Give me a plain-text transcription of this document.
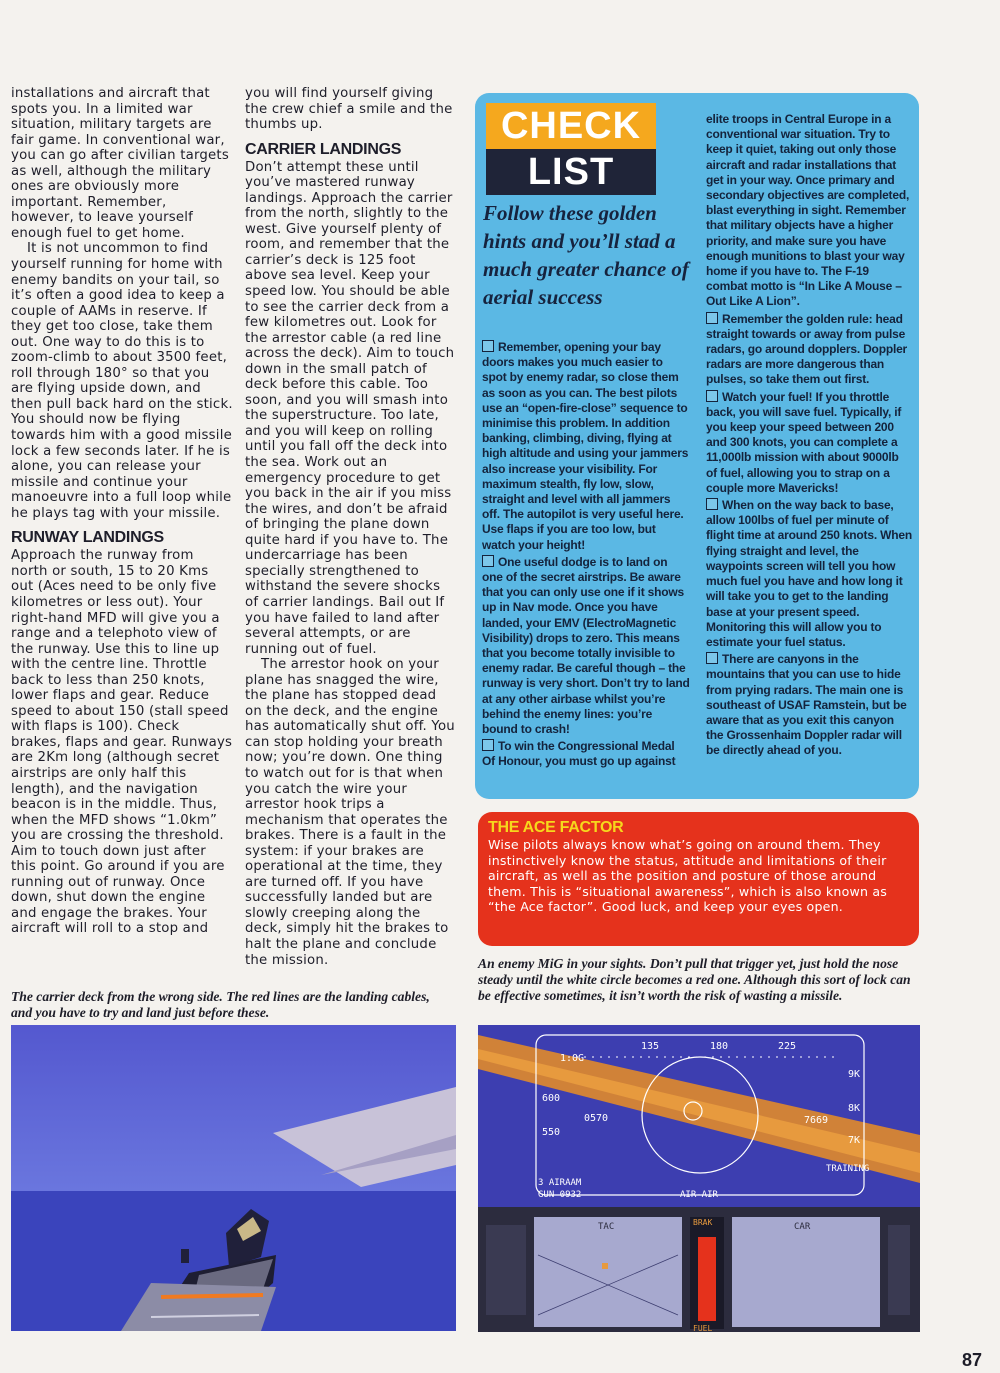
installations and aircraft that spots you. In a limited war situation, military targets are fair game. In conventional war, you can go after civilian targets as well, although the military ones are obviously more important. Remember, however, to leave yourself enough fuel to get home.

It is not uncommon to find yourself running for home with enemy bandits on your tail, so it’s often a good idea to keep a couple of AAMs in reserve. If they get too close, take them out. One way to do this is to zoom-climb to about 3500 feet, roll through 180° so that you are flying upside down, and then pull back hard on the stick. You should now be flying towards him with a good missile lock a few seconds later. If he is alone, you can release your missile and continue your manoeuvre into a full loop while he plays tag with your missile.

RUNWAY LANDINGS

Approach the runway from north or south, 15 to 20 Kms out (Aces need to be only five kilometres or less out). Your right-hand MFD will give you a range and a telephoto view of the runway. Use this to line up with the centre line. Throttle back to less than 250 knots, lower flaps and gear. Reduce speed to about 150 (stall speed with flaps is 100). Check brakes, flaps and gear. Runways are 2Km long (although secret airstrips are only half this length), and the navigation beacon is in the middle. Thus, when the MFD shows “1.0km” you are crossing the threshold. Aim to touch down just after this point. Go around if you are running out of runway. Once down, shut down the engine and engage the brakes. Your aircraft will roll to a stop and

you will find yourself giving the crew chief a smile and the thumbs up.

CARRIER LANDINGS

Don’t attempt these until you’ve mastered runway landings. Approach the carrier from the north, slightly to the west. Give yourself plenty of room, and remember that the carrier’s deck is 125 foot above sea level. Keep your speed low. You should be able to see the carrier deck from a few kilometres out. Look for the arrestor cable (a red line across the deck). Aim to touch down in the small patch of deck before this cable. Too soon, and you will smash into the superstructure. Too late, and you will keep on rolling until you fall off the deck into the sea. Work out an emergency procedure to get you back in the air if you miss the wires, and don’t be afraid of bringing the plane down quite hard if you have to. The undercarriage has been specially strengthened to withstand the severe shocks of carrier landings. Bail out If you have failed to land after several attempts, or are running out of fuel.

The arrestor hook on your plane has snagged the wire, the plane has stopped dead on the deck, and the engine has automatically shut off. You can stop holding your breath now; you’re down. One thing to watch out for is that when you catch the wire your arrestor hook trips a mechanism that operates the brakes. There is a fault in the system: if your brakes are operational at the time, they are turned off. If you have successfully landed but are slowly creeping along the deck, simply hit the brakes to halt the plane and conclude the mission.

CHECK
LIST
Follow these golden hints and you’ll stad a much greater chance of aerial success

Remember, opening your bay doors makes you much easier to spot by enemy radar, so close them as soon as you can. The best pilots use an “open-fire-close” sequence to minimise this problem. In addition banking, climbing, diving, flying at high altitude and using your jammers also increase your visibility. For maximum stealth, fly low, slow, straight and level with all jammers off. The autopilot is very useful here. Use flaps if you are too low, but watch your height!

One useful dodge is to land on one of the secret airstrips. Be aware that you can only use one if it shows up in Nav mode. Once you have landed, your EMV (ElectroMagnetic Visibility) drops to zero. This means that you become totally invisible to enemy radar. Be careful though – the runway is very short. Don’t try to land at any other airbase whilst you’re behind the enemy lines: you’re bound to crash!

To win the Congressional Medal Of Honour, you must go up against

elite troops in Central Europe in a conventional war situation. Try to keep it quiet, taking out only those aircraft and radar installations that get in your way. Once primary and secondary objectives are completed, blast everything in sight. Remember that military objects have a higher priority, and make sure you have enough munitions to blast your way home if you have to. The F-19 combat motto is “In Like A Mouse – Out Like A Lion”.

Remember the golden rule: head straight towards or away from pulse radars, go around dopplers. Doppler radars are more dangerous than pulses, so take them out first.

Watch your fuel! If you throttle back, you will save fuel. Typically, if you keep your speed between 200 and 300 knots, you can complete a 11,000lb mission with about 9000lb of fuel, allowing you to strap on a couple more Mavericks!

When on the way back to base, allow 100lbs of fuel per minute of flight time at around 250 knots. When flying straight and level, the waypoints screen will tell you how much fuel you have and how long it will take you to get to the landing base at your present speed. Monitoring this will allow you to estimate your fuel status.

There are canyons in the mountains that you can use to hide from prying radars. The main one is southeast of USAF Ramstein, but be aware that as you exit this canyon the Grossenhaim Doppler radar will be directly ahead of you.

THE ACE FACTOR
Wise pilots always know what’s going on around them. They instinctively know the status, attitude and limitations of their aircraft, as well as the position and posture of those around them. This is “situational awareness”, which is also known as “the Ace factor”. Good luck, and keep your eyes open.
The carrier deck from the wrong side. The red lines are the landing cables, and you have to try and land just before these.
An enemy MiG in your sights. Don’t pull that trigger yet, just hold the nose steady until the white circle becomes a red one. Although this sort of lock can be effective sometimes, it isn’t worth the risk of wasting a missile.
135	180	225
1.0G
600
550
0570
9K
8K
7K
7669
TRAINING
3 AIRAAM
GUN 0932	AIR-AIR
TAC
FUEL
BRAK	CAR
87
